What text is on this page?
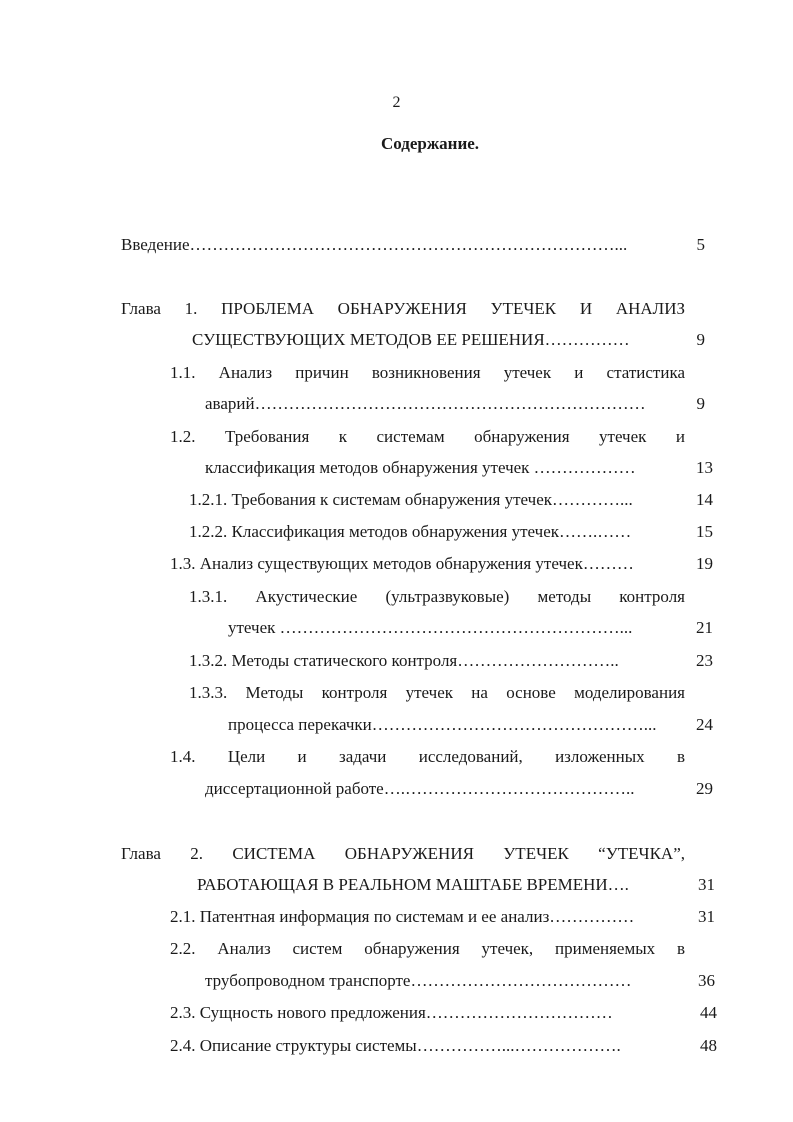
2
Содержание.
Введение…………………………………………………………………...	5
Глава 1. ПРОБЛЕМА ОБНАРУЖЕНИЯ УТЕЧЕК И АНАЛИЗ
СУЩЕСТВУЮЩИХ МЕТОДОВ ЕЕ РЕШЕНИЯ……………	9
1.1. Анализ причин возникновения утечек и статистика
аварий……………………………………………………………	9
1.2. Требования к системам обнаружения утечек и
классификация методов обнаружения утечек ………………	13
1.2.1. Требования к системам обнаружения утечек…………...	14
1.2.2. Классификация методов обнаружения утечек…….……	15
1.3. Анализ существующих методов обнаружения утечек………	19
1.3.1. Акустические (ультразвуковые) методы контроля
утечек ……………………………………………………...	21
1.3.2. Методы статического контроля………………………..	23
1.3.3. Методы контроля утечек на основе моделирования
процесса перекачки…………………………………………...	24
1.4. Цели и задачи исследований, изложенных в
диссертационной работе….…………………………………..	29
Глава 2. СИСТЕМА ОБНАРУЖЕНИЯ УТЕЧЕК “УТЕЧКА”,
РАБОТАЮЩАЯ В РЕАЛЬНОМ МАШТАБЕ ВРЕМЕНИ….	31
2.1. Патентная информация по системам и ее анализ……………	31
2.2. Анализ систем обнаружения утечек, применяемых в
трубопроводном транспорте…………………………………	36
2.3. Сущность нового предложения……………………………	44
2.4. Описание структуры системы……………...……………….	48
